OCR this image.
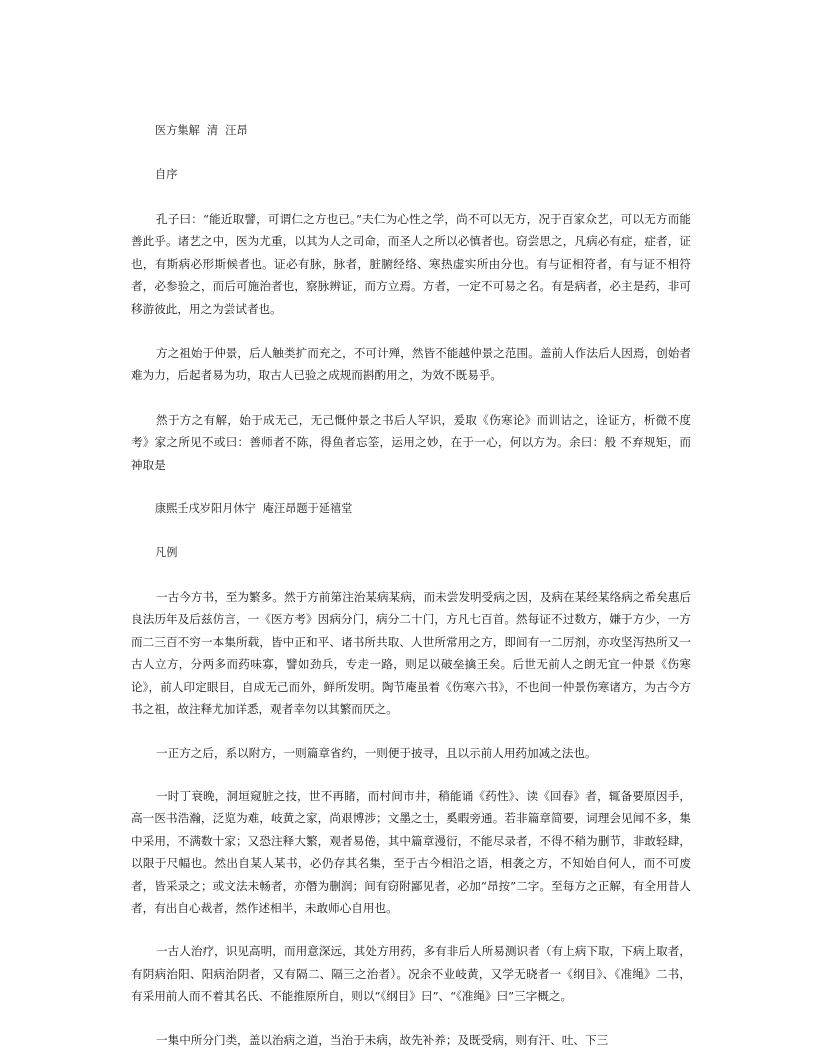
医方集解  清  汪昂
自序
孔子曰：“能近取譬，可谓仁之方也已。”夫仁为心性之学，尚不可以无方，况于百家众艺，可以无方而能善此乎。诸艺之中，医为尤重，以其为人之司命，而圣人之所以必慎者也。窃尝思之，凡病必有症，症者，证也，有斯病必形斯候者也。证必有脉，脉者，脏腑经络、寒热虚实所由分也。有与证相符者，有与证不相符者，必参验之，而后可施治者也，察脉辨证，而方立焉。方者，一定不可易之名。有是病者，必主是药，非可移游彼此，用之为尝试者也。
方之祖始于仲景，后人触类扩而充之，不可计殚，然皆不能越仲景之范围。盖前人作法后人因焉，创始者难为力，后起者易为功，取古人已验之成规而斟酌用之，为效不既易乎。
然于方之有解，始于成无己，无己慨仲景之书后人罕识，爰取《伤寒论》而训诂之，诠证方，析微不度考》家之所见不或曰：善师者不陈，得鱼者忘筌，运用之妙，在于一心，何以方为。余曰：般 不弃规矩，而神取是
康熙壬戌岁阳月休宁  庵汪昂题于延禧堂
凡例
一古今方书，至为繁多。然于方前第注治某病某病，而未尝发明受病之因，及病在某经某络病之希矣惠后良法历年及后兹仿言，一《医方考》因病分门，病分二十门，方凡七百首。然每证不过数方，嫌于方少，一方而二三百不穷一本集所载，皆中正和平、诸书所共取、人世所常用之方，即间有一二厉剂，亦攻坚泻热所又一古人立方，分两多而药味寡，譬如劲兵，专走一路，则足以破垒擒王矣。后世无前人之朗无宜一仲景《伤寒论》，前人印定眼目，自成无己而外，鲜所发明。陶节庵虽着《伤寒六书》，不也间一仲景伤寒诸方，为古今方书之祖，故注释尤加详悉，观者幸勿以其繁而厌之。
一正方之后，系以附方，一则篇章省约，一则便于披寻，且以示前人用药加减之法也。
一时丁衰晚，洞垣窥脏之技，世不再睹，而村间市井，稍能诵《药性》、读《回春》者，辄备要原因手，高一医书浩瀚，泛览为难，岐黄之家，尚艰博涉；文墨之士，奚暇旁通。若非篇章简要，词理会见闻不多，集中采用，不满数十家；又恐注释大繁，观者易倦，其中篇章漫衍，不能尽录者，不得不稍为删节，非敢轻肆，以限于尺幅也。然出自某人某书，必仍存其名集，至于古今相沿之语，相袭之方，不知始自何人，而不可废者，皆采录之；或文法未畅者，亦僭为删润；间有窃附鄙见者，必加“昂按”二字。至每方之正解，有全用昔人者，有出自心裁者，然作述相半，未敢师心自用也。
一古人治疗，识见高明，而用意深远，其处方用药，多有非后人所易测识者（有上病下取，下病上取者，有阴病治阳、阳病治阴者，又有隔二、隔三之治者）。况余不业岐黄，又学无晓者一《纲目》、《准绳》二书，有采用前人而不着其名氏、不能推原所自，则以“《纲目》曰”、“《准绳》曰”三字概之。
一集中所分门类，盖以治病之道，当治于未病，故先补养；及既受病，则有汗、吐、下三
